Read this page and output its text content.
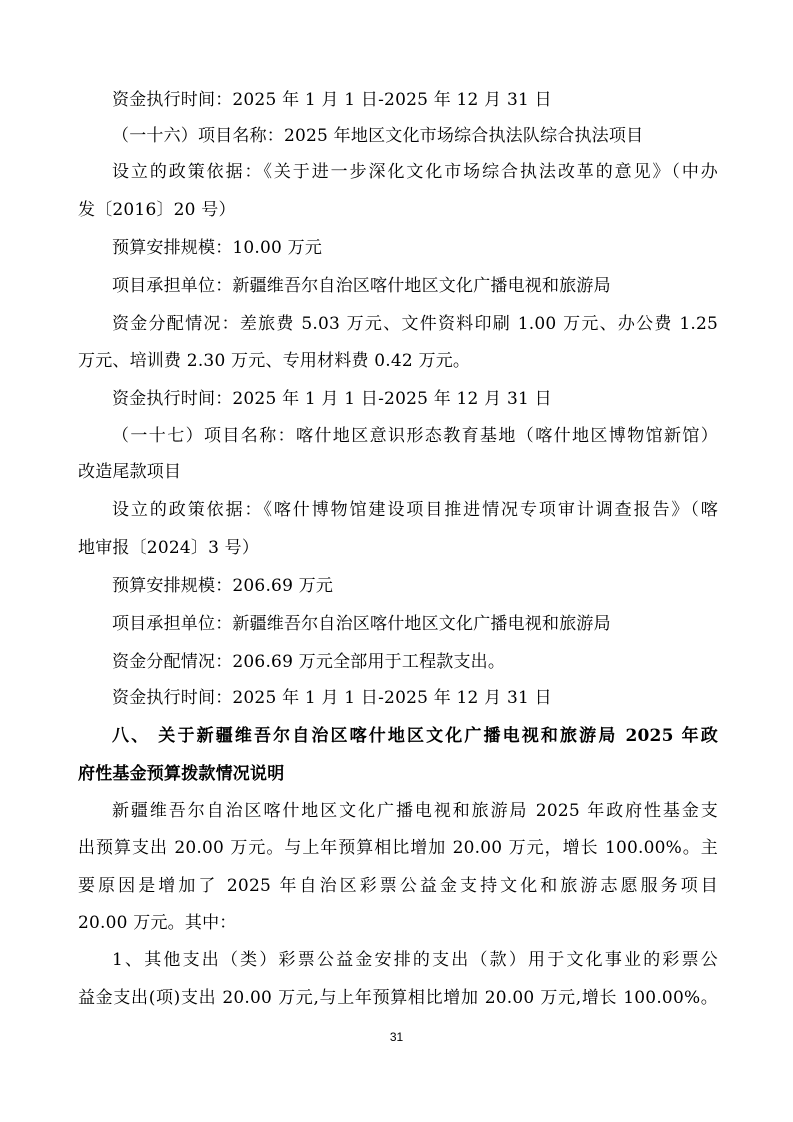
资金执行时间：2025 年 1 月 1 日-2025 年 12 月 31 日
（一十六）项目名称：2025 年地区文化市场综合执法队综合执法项目
设立的政策依据：《关于进一步深化文化市场综合执法改革的意见》（中办
发〔2016〕20 号）
预算安排规模：10.00 万元
项目承担单位：新疆维吾尔自治区喀什地区文化广播电视和旅游局
资金分配情况：差旅费 5.03 万元、文件资料印刷 1.00 万元、办公费 1.25
万元、培训费 2.30 万元、专用材料费 0.42 万元。
资金执行时间：2025 年 1 月 1 日-2025 年 12 月 31 日
（一十七）项目名称：喀什地区意识形态教育基地（喀什地区博物馆新馆）
改造尾款项目
设立的政策依据：《喀什博物馆建设项目推进情况专项审计调查报告》（喀
地审报〔2024〕3 号）
预算安排规模：206.69 万元
项目承担单位：新疆维吾尔自治区喀什地区文化广播电视和旅游局
资金分配情况：206.69 万元全部用于工程款支出。
资金执行时间：2025 年 1 月 1 日-2025 年 12 月 31 日
八、 关于新疆维吾尔自治区喀什地区文化广播电视和旅游局 2025 年政
府性基金预算拨款情况说明
新疆维吾尔自治区喀什地区文化广播电视和旅游局 2025 年政府性基金支
出预算支出 20.00 万元。与上年预算相比增加 20.00 万元，增长 100.00%。主
要原因是增加了 2025 年自治区彩票公益金支持文化和旅游志愿服务项目
20.00 万元。其中：
1、其他支出（类）彩票公益金安排的支出（款）用于文化事业的彩票公
益金支出(项)支出 20.00 万元,与上年预算相比增加 20.00 万元,增长 100.00%。
31
